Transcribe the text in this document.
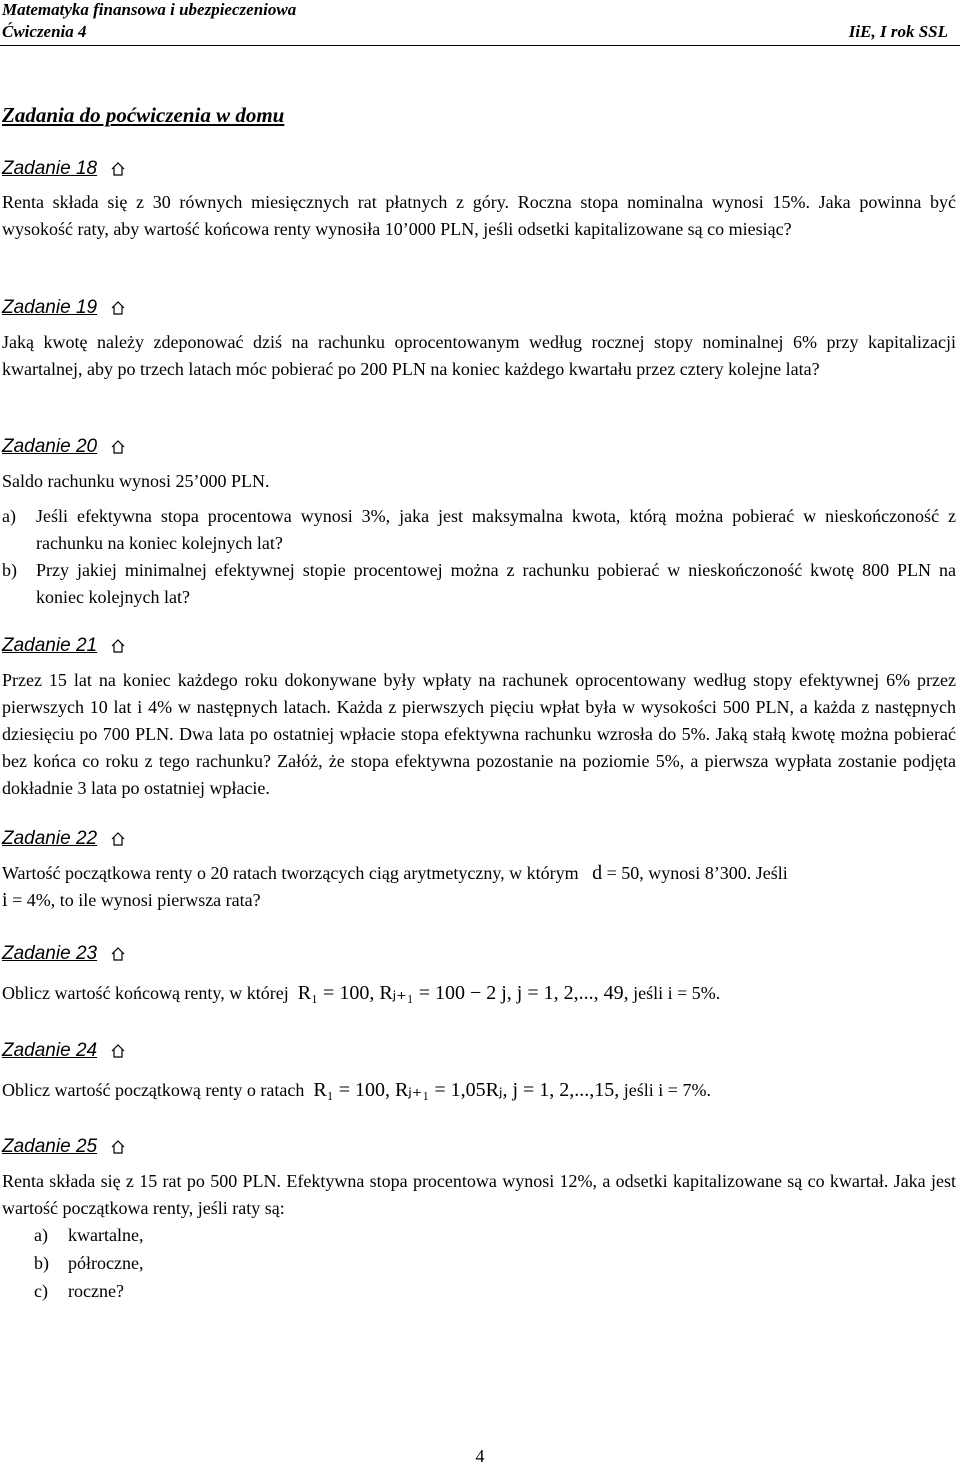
Matematyka finansowa i ubezpieczeniowa
Ćwiczenia 4	IiE, I rok SSL
Zadania do poćwiczenia w domu
Zadanie 18
Renta składa się z 30 równych miesięcznych rat płatnych z góry. Roczna stopa nominalna wynosi 15%. Jaka powinna być wysokość raty, aby wartość końcowa renty wynosiła 10’000 PLN, jeśli odsetki kapitalizowane są co miesiąc?
Zadanie 19
Jaką kwotę należy zdeponować dziś na rachunku oprocentowanym według rocznej stopy nominalnej 6% przy kapitalizacji kwartalnej, aby po trzech latach móc pobierać po 200 PLN na koniec każdego kwartału przez cztery kolejne lata?
Zadanie 20
Saldo rachunku wynosi 25’000 PLN.
a) Jeśli efektywna stopa procentowa wynosi 3%, jaka jest maksymalna kwota, którą można pobierać w nieskończoność z rachunku na koniec kolejnych lat?
b) Przy jakiej minimalnej efektywnej stopie procentowej można z rachunku pobierać w nieskończoność kwotę 800 PLN na koniec kolejnych lat?
Zadanie 21
Przez 15 lat na koniec każdego roku dokonywane były wpłaty na rachunek oprocentowany według stopy efektywnej 6% przez pierwszych 10 lat i 4% w następnych latach. Każda z pierwszych pięciu wpłat była w wysokości 500 PLN, a każda z następnych dziesięciu po 700 PLN. Dwa lata po ostatniej wpłacie stopa efektywna rachunku wzrosła do 5%. Jaką stałą kwotę można pobierać bez końca co roku z tego rachunku? Załóż, że stopa efektywna pozostanie na poziomie 5%, a pierwsza wypłata zostanie podjęta dokładnie 3 lata po ostatniej wpłacie.
Zadanie 22
Wartość początkowa renty o 20 ratach tworzących ciąg arytmetyczny, w którym d = 50, wynosi 8’300. Jeśli
i = 4%, to ile wynosi pierwsza rata?
Zadanie 23
Oblicz wartość końcową renty, w której R₁ = 100, Rⱼ₊₁ = 100 − 2 j, j = 1, 2,..., 49, jeśli i = 5%.
Zadanie 24
Oblicz wartość początkową renty o ratach R₁ = 100, Rⱼ₊₁ = 1,05Rⱼ, j = 1, 2,...,15, jeśli i = 7%.
Zadanie 25
Renta składa się z 15 rat po 500 PLN. Efektywna stopa procentowa wynosi 12%, a odsetki kapitalizowane są co kwartał. Jaka jest wartość początkowa renty, jeśli raty są:
a) kwartalne,
b) półroczne,
c) roczne?
4
